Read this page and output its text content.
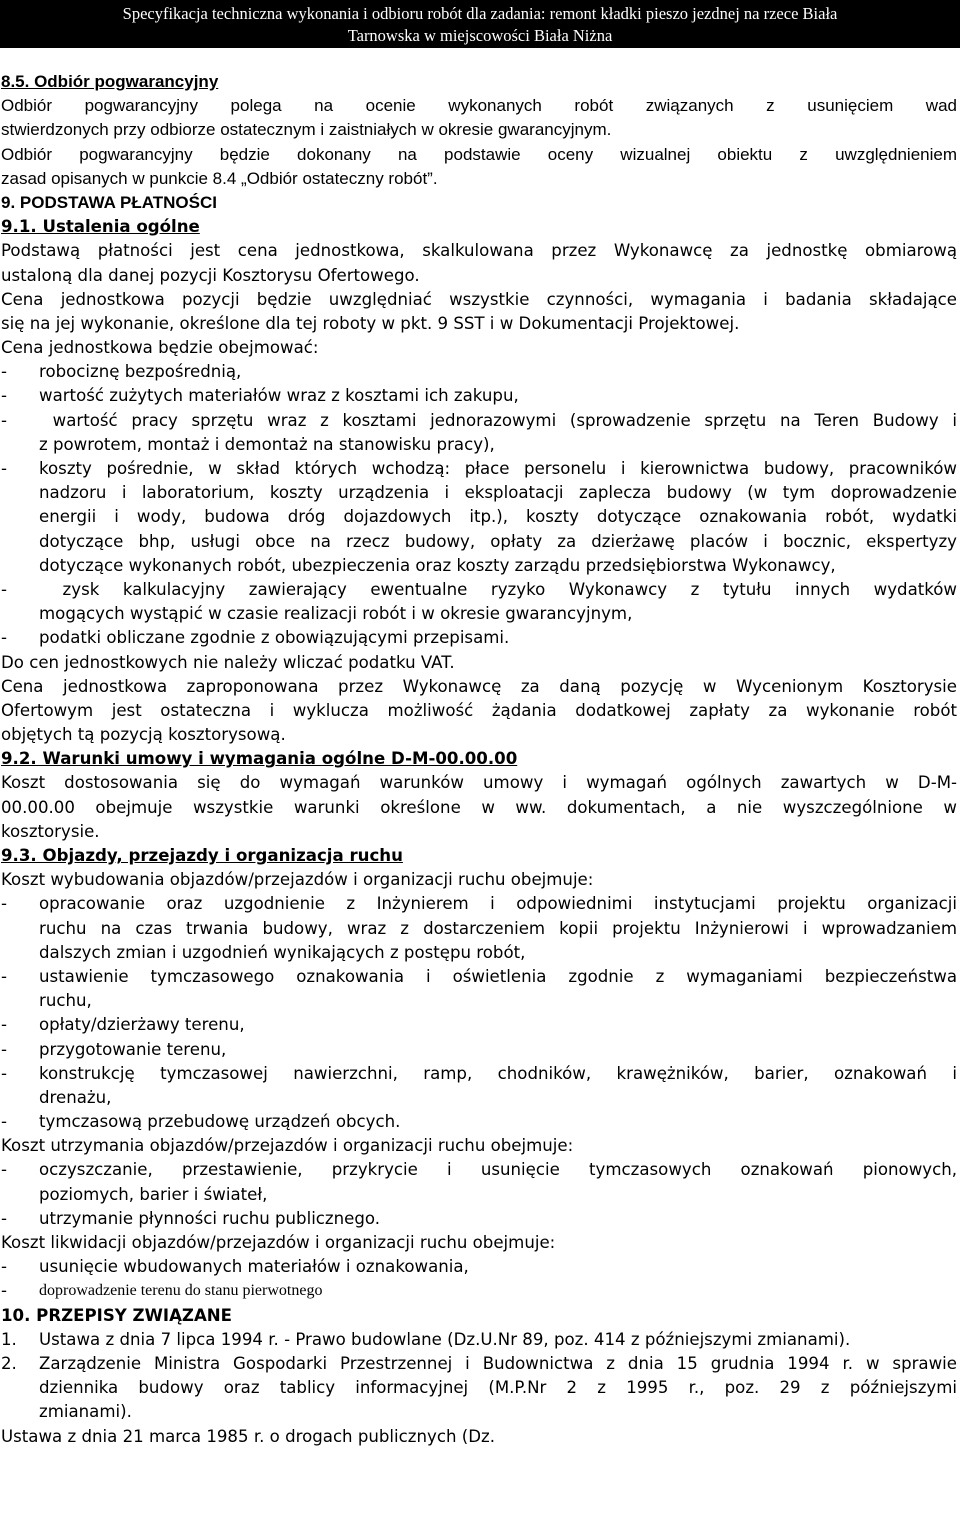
Specyfikacja techniczna wykonania i odbioru robót dla zadania: remont kładki pieszo jezdnej na rzece Biała
Tarnowska w miejscowości Biała Niżna
8.5. Odbiór pogwarancyjny
Odbiór pogwarancyjny polega na ocenie wykonanych robót związanych z usunięciem wad
stwierdzonych przy odbiorze ostatecznym i zaistniałych w okresie gwarancyjnym.
Odbiór pogwarancyjny będzie dokonany na podstawie oceny wizualnej obiektu z uwzględnieniem
zasad opisanych w punkcie 8.4 „Odbiór ostateczny robót”.
9. PODSTAWA PŁATNOŚCI
9.1. Ustalenia ogólne
Podstawą płatności jest cena jednostkowa, skalkulowana przez Wykonawcę za jednostkę obmiarową
ustaloną dla danej pozycji Kosztorysu Ofertowego.
Cena jednostkowa pozycji będzie uwzględniać wszystkie czynności, wymagania i badania składające
się na jej wykonanie, określone dla tej roboty w pkt. 9 SST i w Dokumentacji Projektowej.
Cena jednostkowa będzie obejmować:
-	robociznę bezpośrednią,
-	wartość zużytych materiałów wraz z kosztami ich zakupu,
-	wartość pracy sprzętu wraz z kosztami jednorazowymi (sprowadzenie sprzętu na Teren Budowy i
z powrotem, montaż i demontaż na stanowisku pracy),
-	koszty pośrednie, w skład których wchodzą: płace personelu i kierownictwa budowy, pracowników
nadzoru i laboratorium, koszty urządzenia i eksploatacji zaplecza budowy (w tym doprowadzenie
energii i wody, budowa dróg dojazdowych itp.), koszty dotyczące oznakowania robót, wydatki
dotyczące bhp, usługi obce na rzecz budowy, opłaty za dzierżawę placów i bocznic, ekspertyzy
dotyczące wykonanych robót, ubezpieczenia oraz koszty zarządu przedsiębiorstwa Wykonawcy,
-	zysk kalkulacyjny zawierający ewentualne ryzyko Wykonawcy z tytułu innych wydatków
mogących wystąpić w czasie realizacji robót i w okresie gwarancyjnym,
-	podatki obliczane zgodnie z obowiązującymi przepisami.
Do cen jednostkowych nie należy wliczać podatku VAT.
Cena jednostkowa zaproponowana przez Wykonawcę za daną pozycję w Wycenionym Kosztorysie
Ofertowym jest ostateczna i wyklucza możliwość żądania dodatkowej zapłaty za wykonanie robót
objętych tą pozycją kosztorysową.
9.2. Warunki umowy i wymagania ogólne D-M-00.00.00
Koszt dostosowania się do wymagań warunków umowy i wymagań ogólnych zawartych w D-M-
00.00.00 obejmuje wszystkie warunki określone w ww. dokumentach, a nie wyszczególnione w
kosztorysie.
9.3. Objazdy, przejazdy i organizacja ruchu
Koszt wybudowania objazdów/przejazdów i organizacji ruchu obejmuje:
-	opracowanie oraz uzgodnienie z Inżynierem i odpowiednimi instytucjami projektu organizacji
ruchu na czas trwania budowy, wraz z dostarczeniem kopii projektu Inżynierowi i wprowadzaniem
dalszych zmian i uzgodnień wynikających z postępu robót,
-	ustawienie tymczasowego oznakowania i oświetlenia zgodnie z wymaganiami bezpieczeństwa
ruchu,
-	opłaty/dzierżawy terenu,
-	przygotowanie terenu,
-	konstrukcję tymczasowej nawierzchni, ramp, chodników, krawężników, barier, oznakowań i
drenażu,
-	tymczasową przebudowę urządzeń obcych.
Koszt utrzymania objazdów/przejazdów i organizacji ruchu obejmuje:
-	oczyszczanie, przestawienie, przykrycie i usunięcie tymczasowych oznakowań pionowych,
poziomych, barier i świateł,
-	utrzymanie płynności ruchu publicznego.
Koszt likwidacji objazdów/przejazdów i organizacji ruchu obejmuje:
-	usunięcie wbudowanych materiałów i oznakowania,
-	doprowadzenie terenu do stanu pierwotnego
10. PRZEPISY ZWIĄZANE
1.	Ustawa z dnia 7 lipca 1994 r. - Prawo budowlane (Dz.U.Nr 89, poz. 414 z późniejszymi zmianami).
2.	Zarządzenie Ministra Gospodarki Przestrzennej i Budownictwa z dnia 15 grudnia 1994 r. w sprawie
dziennika budowy oraz tablicy informacyjnej (M.P.Nr 2 z 1995 r., poz. 29 z późniejszymi
zmianami).
Ustawa z dnia 21 marca 1985 r. o drogach publicznych (Dz.
